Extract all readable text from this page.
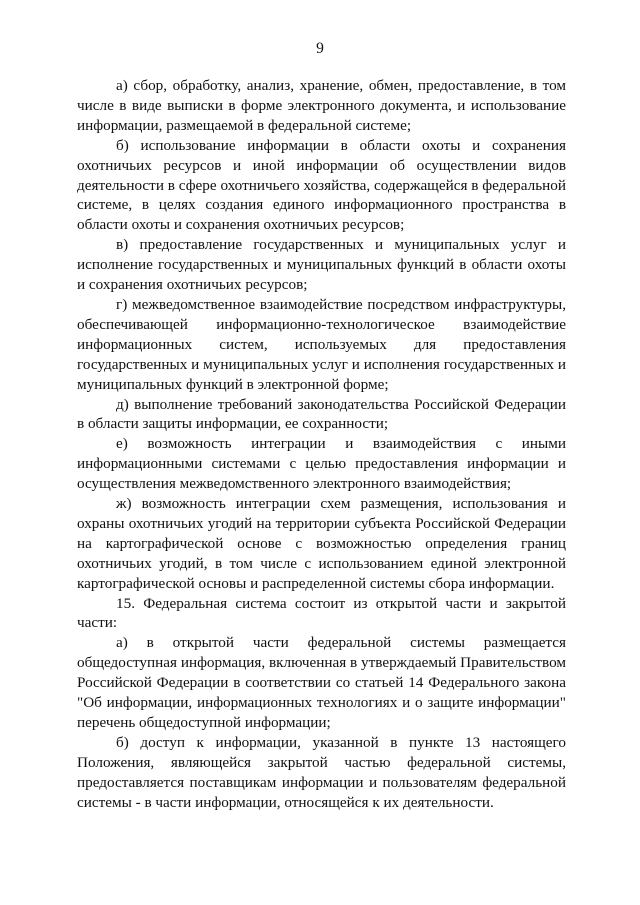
9

а) сбор, обработку, анализ, хранение, обмен, предоставление, в том числе в виде выписки в форме электронного документа, и использование информации, размещаемой в федеральной системе;

б) использование информации в области охоты и сохранения охотничьих ресурсов и иной информации об осуществлении видов деятельности в сфере охотничьего хозяйства, содержащейся в федеральной системе, в целях создания единого информационного пространства в области охоты и сохранения охотничьих ресурсов;

в) предоставление государственных и муниципальных услуг и исполнение государственных и муниципальных функций в области охоты и сохранения охотничьих ресурсов;

г) межведомственное взаимодействие посредством инфраструктуры, обеспечивающей информационно-технологическое взаимодействие информационных систем, используемых для предоставления государственных и муниципальных услуг и исполнения государственных и муниципальных функций в электронной форме;

д) выполнение требований законодательства Российской Федерации в области защиты информации, ее сохранности;

е) возможность интеграции и взаимодействия с иными информационными системами с целью предоставления информации и осуществления межведомственного электронного взаимодействия;

ж) возможность интеграции схем размещения, использования и охраны охотничьих угодий на территории субъекта Российской Федерации на картографической основе с возможностью определения границ охотничьих угодий, в том числе с использованием единой электронной картографической основы и распределенной системы сбора информации.

15. Федеральная система состоит из открытой части и закрытой части:

а) в открытой части федеральной системы размещается общедоступная информация, включенная в утверждаемый Правительством Российской Федерации в соответствии со статьей 14 Федерального закона "Об информации, информационных технологиях и о защите информации" перечень общедоступной информации;

б) доступ к информации, указанной в пункте 13 настоящего Положения, являющейся закрытой частью федеральной системы, предоставляется поставщикам информации и пользователям федеральной системы - в части информации, относящейся к их деятельности.
